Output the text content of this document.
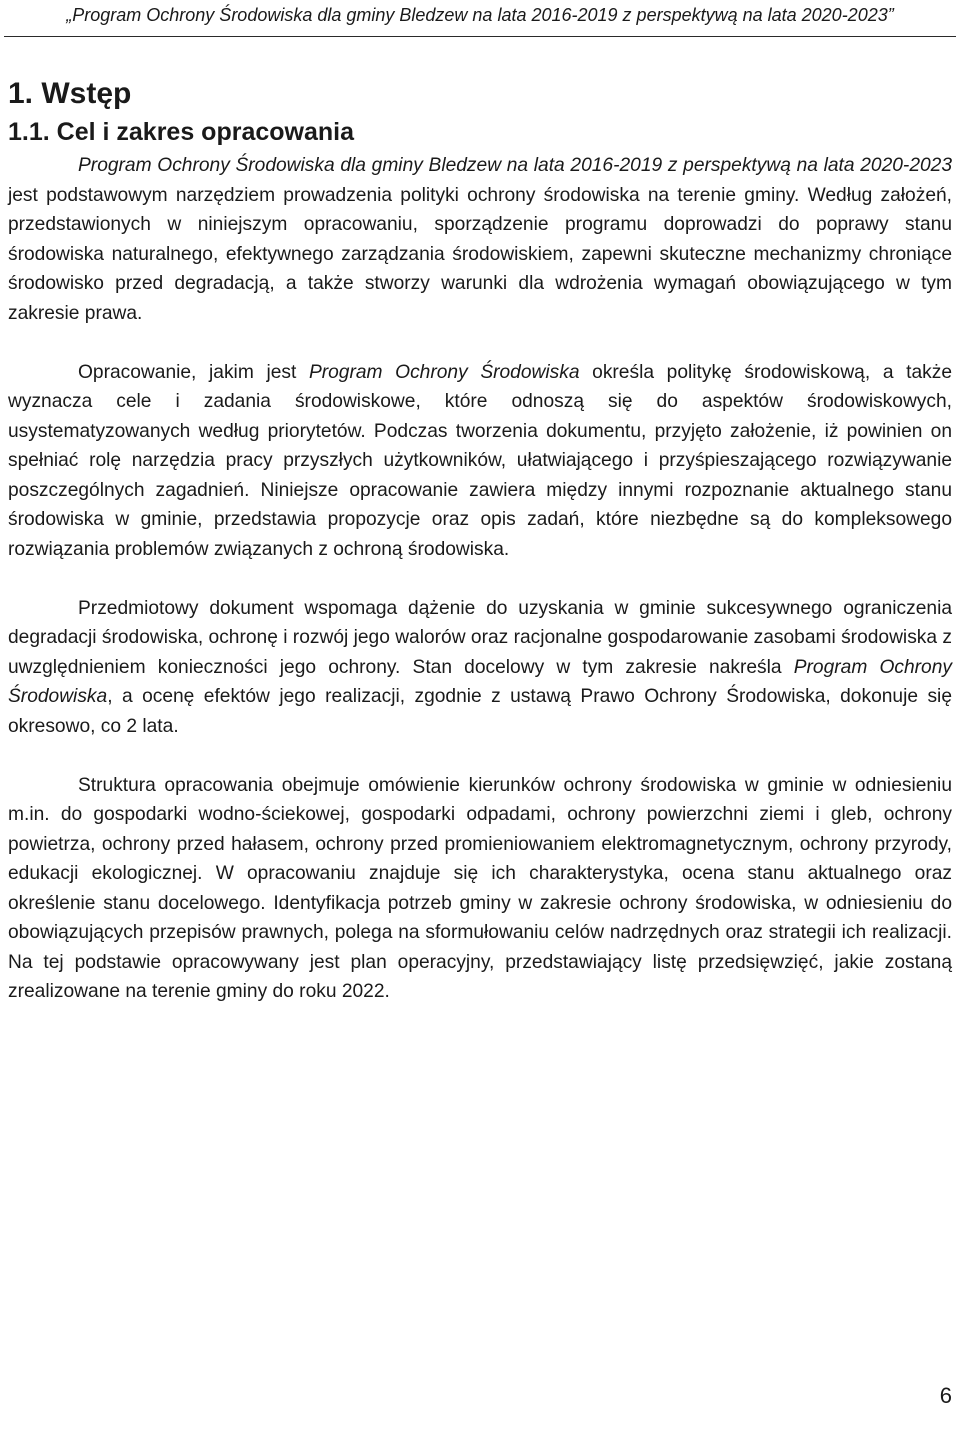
„Program Ochrony Środowiska dla gminy Bledzew na lata 2016-2019 z perspektywą na lata 2020-2023”
1. Wstęp
1.1. Cel i zakres opracowania

Program Ochrony Środowiska dla gminy Bledzew na lata 2016-2019 z perspektywą na lata 2020-2023 jest podstawowym narzędziem prowadzenia polityki ochrony środowiska na terenie gminy. Według założeń, przedstawionych w niniejszym opracowaniu, sporządzenie programu doprowadzi do poprawy stanu środowiska naturalnego, efektywnego zarządzania środowiskiem, zapewni skuteczne mechanizmy chroniące środowisko przed degradacją, a także stworzy warunki dla wdrożenia wymagań obowiązującego w tym zakresie prawa.

Opracowanie, jakim jest Program Ochrony Środowiska określa politykę środowiskową, a także wyznacza cele i zadania środowiskowe, które odnoszą się do aspektów środowiskowych, usystematyzowanych według priorytetów. Podczas tworzenia dokumentu, przyjęto założenie, iż powinien on spełniać rolę narzędzia pracy przyszłych użytkowników, ułatwiającego i przyśpieszającego rozwiązywanie poszczególnych zagadnień. Niniejsze opracowanie zawiera między innymi rozpoznanie aktualnego stanu środowiska w gminie, przedstawia propozycje oraz opis zadań, które niezbędne są do kompleksowego rozwiązania problemów związanych z ochroną środowiska.

Przedmiotowy dokument wspomaga dążenie do uzyskania w gminie sukcesywnego ograniczenia degradacji środowiska, ochronę i rozwój jego walorów oraz racjonalne gospodarowanie zasobami środowiska z uwzględnieniem konieczności jego ochrony. Stan docelowy w tym zakresie nakreśla Program Ochrony Środowiska, a ocenę efektów jego realizacji, zgodnie z ustawą Prawo Ochrony Środowiska, dokonuje się okresowo, co 2 lata.

Struktura opracowania obejmuje omówienie kierunków ochrony środowiska w gminie w odniesieniu m.in. do gospodarki wodno-ściekowej, gospodarki odpadami, ochrony powierzchni ziemi i gleb, ochrony powietrza, ochrony przed hałasem, ochrony przed promieniowaniem elektromagnetycznym, ochrony przyrody, edukacji ekologicznej. W opracowaniu znajduje się ich charakterystyka, ocena stanu aktualnego oraz określenie stanu docelowego. Identyfikacja potrzeb gminy w zakresie ochrony środowiska, w odniesieniu do obowiązujących przepisów prawnych, polega na sformułowaniu celów nadrzędnych oraz strategii ich realizacji. Na tej podstawie opracowywany jest plan operacyjny, przedstawiający listę przedsięwzięć, jakie zostaną zrealizowane na terenie gminy do roku 2022.

6
